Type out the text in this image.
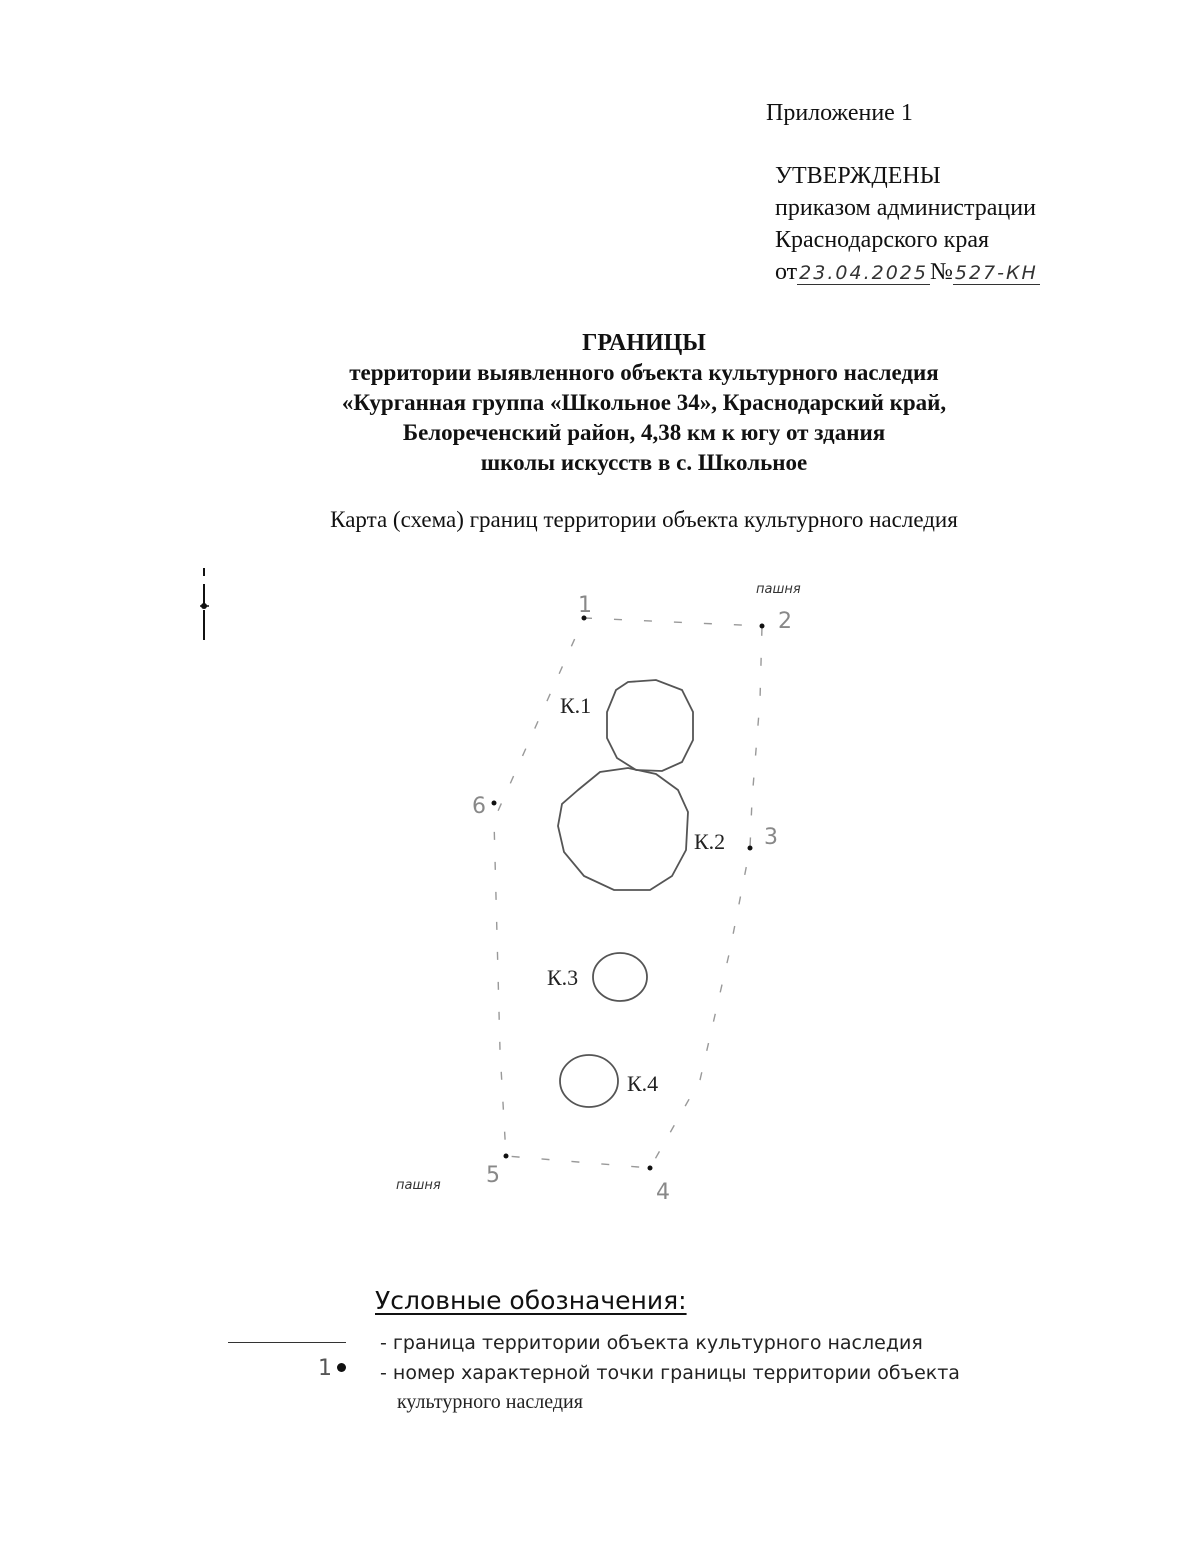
Приложение 1
УТВЕРЖДЕНЫ
приказом администрации
Краснодарского края
от 23.04.2025№ 527-КН
ГРАНИЦЫ
территории выявленного объекта культурного наследия
«Курганная группа «Школьное 34», Краснодарский край,
Белореченский район, 4,38 км к югу от здания
школы искусств в с. Школьное
Карта (схема) границ территории объекта культурного наследия
1
2
3
4
5
6
К.1
К.2
К.3
К.4
пашня
пашня
Условные обозначения:
- граница территории объекта культурного наследия
1	- номер характерной точки границы территории объекта
культурного наследия
